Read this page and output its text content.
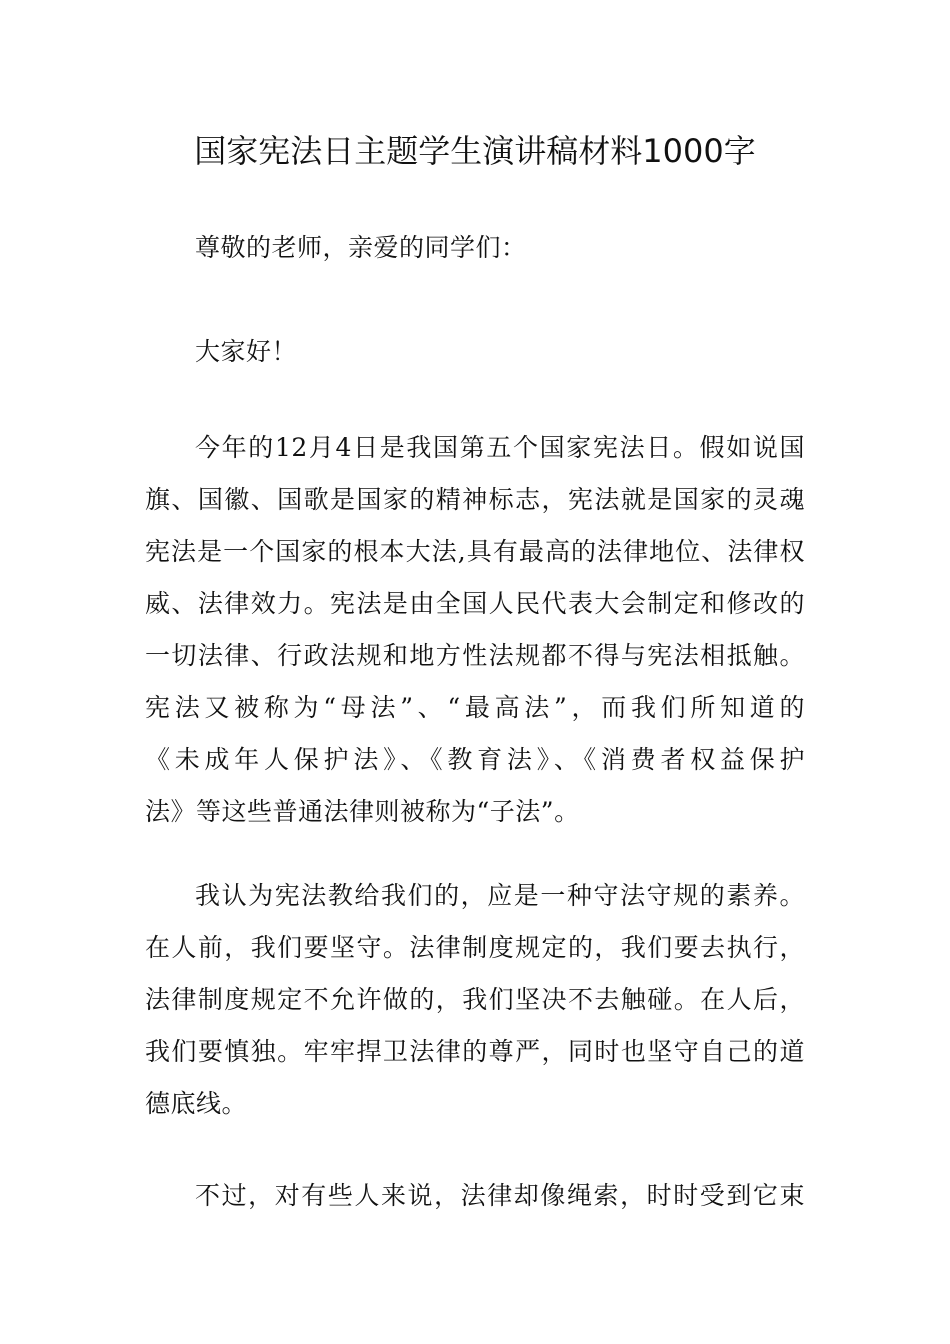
国家宪法日主题学生演讲稿材料1000字

尊敬的老师，亲爱的同学们：

大家好！

今年的12月4日是我国第五个国家宪法日。假如说国
旗、国徽、国歌是国家的精神标志，宪法就是国家的灵魂
宪法是一个国家的根本大法,具有最高的法律地位、法律权
威、法律效力。宪法是由全国人民代表大会制定和修改的
一切法律、行政法规和地方性法规都不得与宪法相抵触。
宪法又被称为“母法”、“最高法”，而我们所知道的
《未成年人保护法》、《教育法》、《消费者权益保护
法》等这些普通法律则被称为“子法”。

我认为宪法教给我们的，应是一种守法守规的素养。
在人前，我们要坚守。法律制度规定的，我们要去执行，
法律制度规定不允许做的，我们坚决不去触碰。在人后，
我们要慎独。牢牢捍卫法律的尊严，同时也坚守自己的道
德底线。

不过，对有些人来说，法律却像绳索，时时受到它束
